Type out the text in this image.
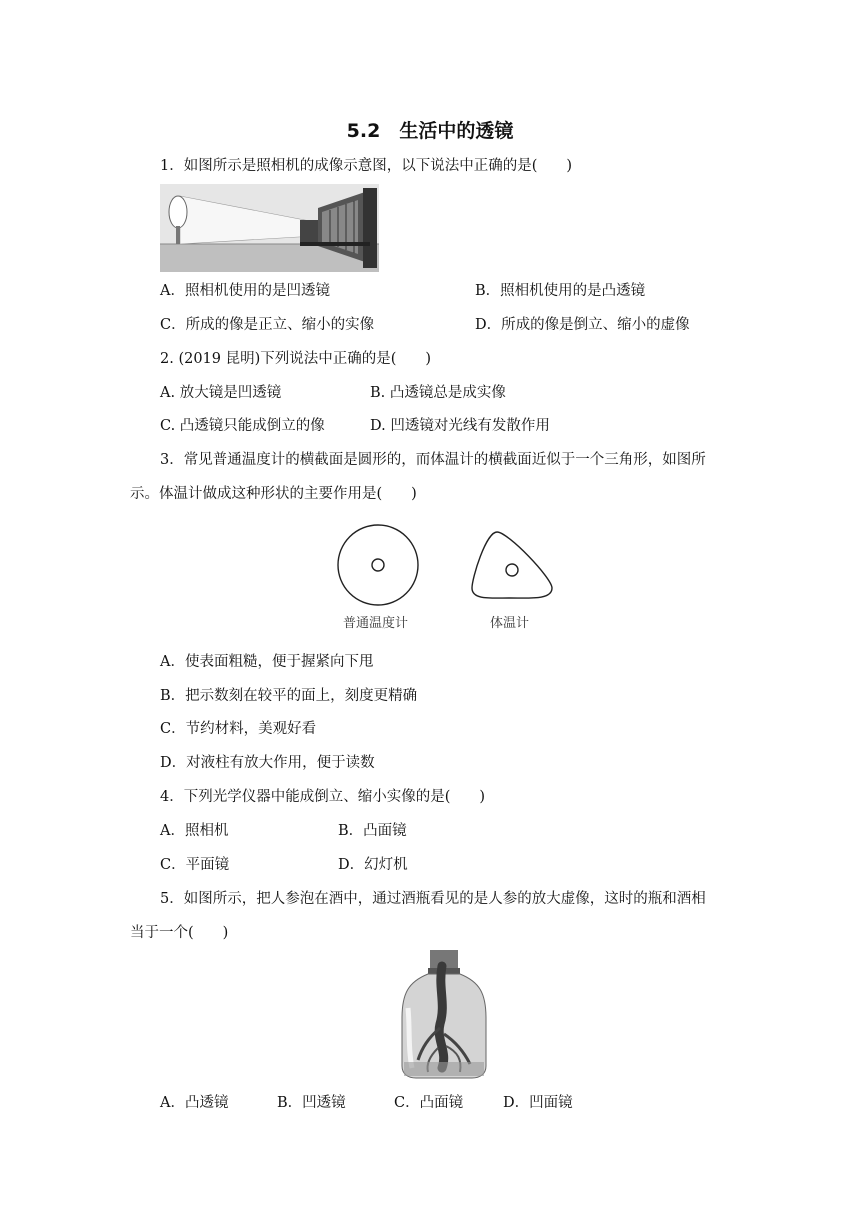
5.2　生活中的透镜
1．如图所示是照相机的成像示意图，以下说法中正确的是(　　)
A．照相机使用的是凹透镜	B．照相机使用的是凸透镜
C．所成的像是正立、缩小的实像	D．所成的像是倒立、缩小的虚像
2. (2019 昆明)下列说法中正确的是(　　)
A. 放大镜是凹透镜	B. 凸透镜总是成实像
C. 凸透镜只能成倒立的像	D. 凹透镜对光线有发散作用
3．常见普通温度计的横截面是圆形的，而体温计的横截面近似于一个三角形，如图所
示。体温计做成这种形状的主要作用是(　　)
普通温度计	体温计
A．使表面粗糙，便于握紧向下甩
B．把示数刻在较平的面上，刻度更精确
C．节约材料，美观好看
D．对液柱有放大作用，便于读数
4．下列光学仪器中能成倒立、缩小实像的是(　　)
A．照相机	B．凸面镜
C．平面镜	D．幻灯机
5．如图所示，把人参泡在酒中，通过酒瓶看见的是人参的放大虚像，这时的瓶和酒相
当于一个(　　)
A．凸透镜	B．凹透镜	C．凸面镜	D．凹面镜
